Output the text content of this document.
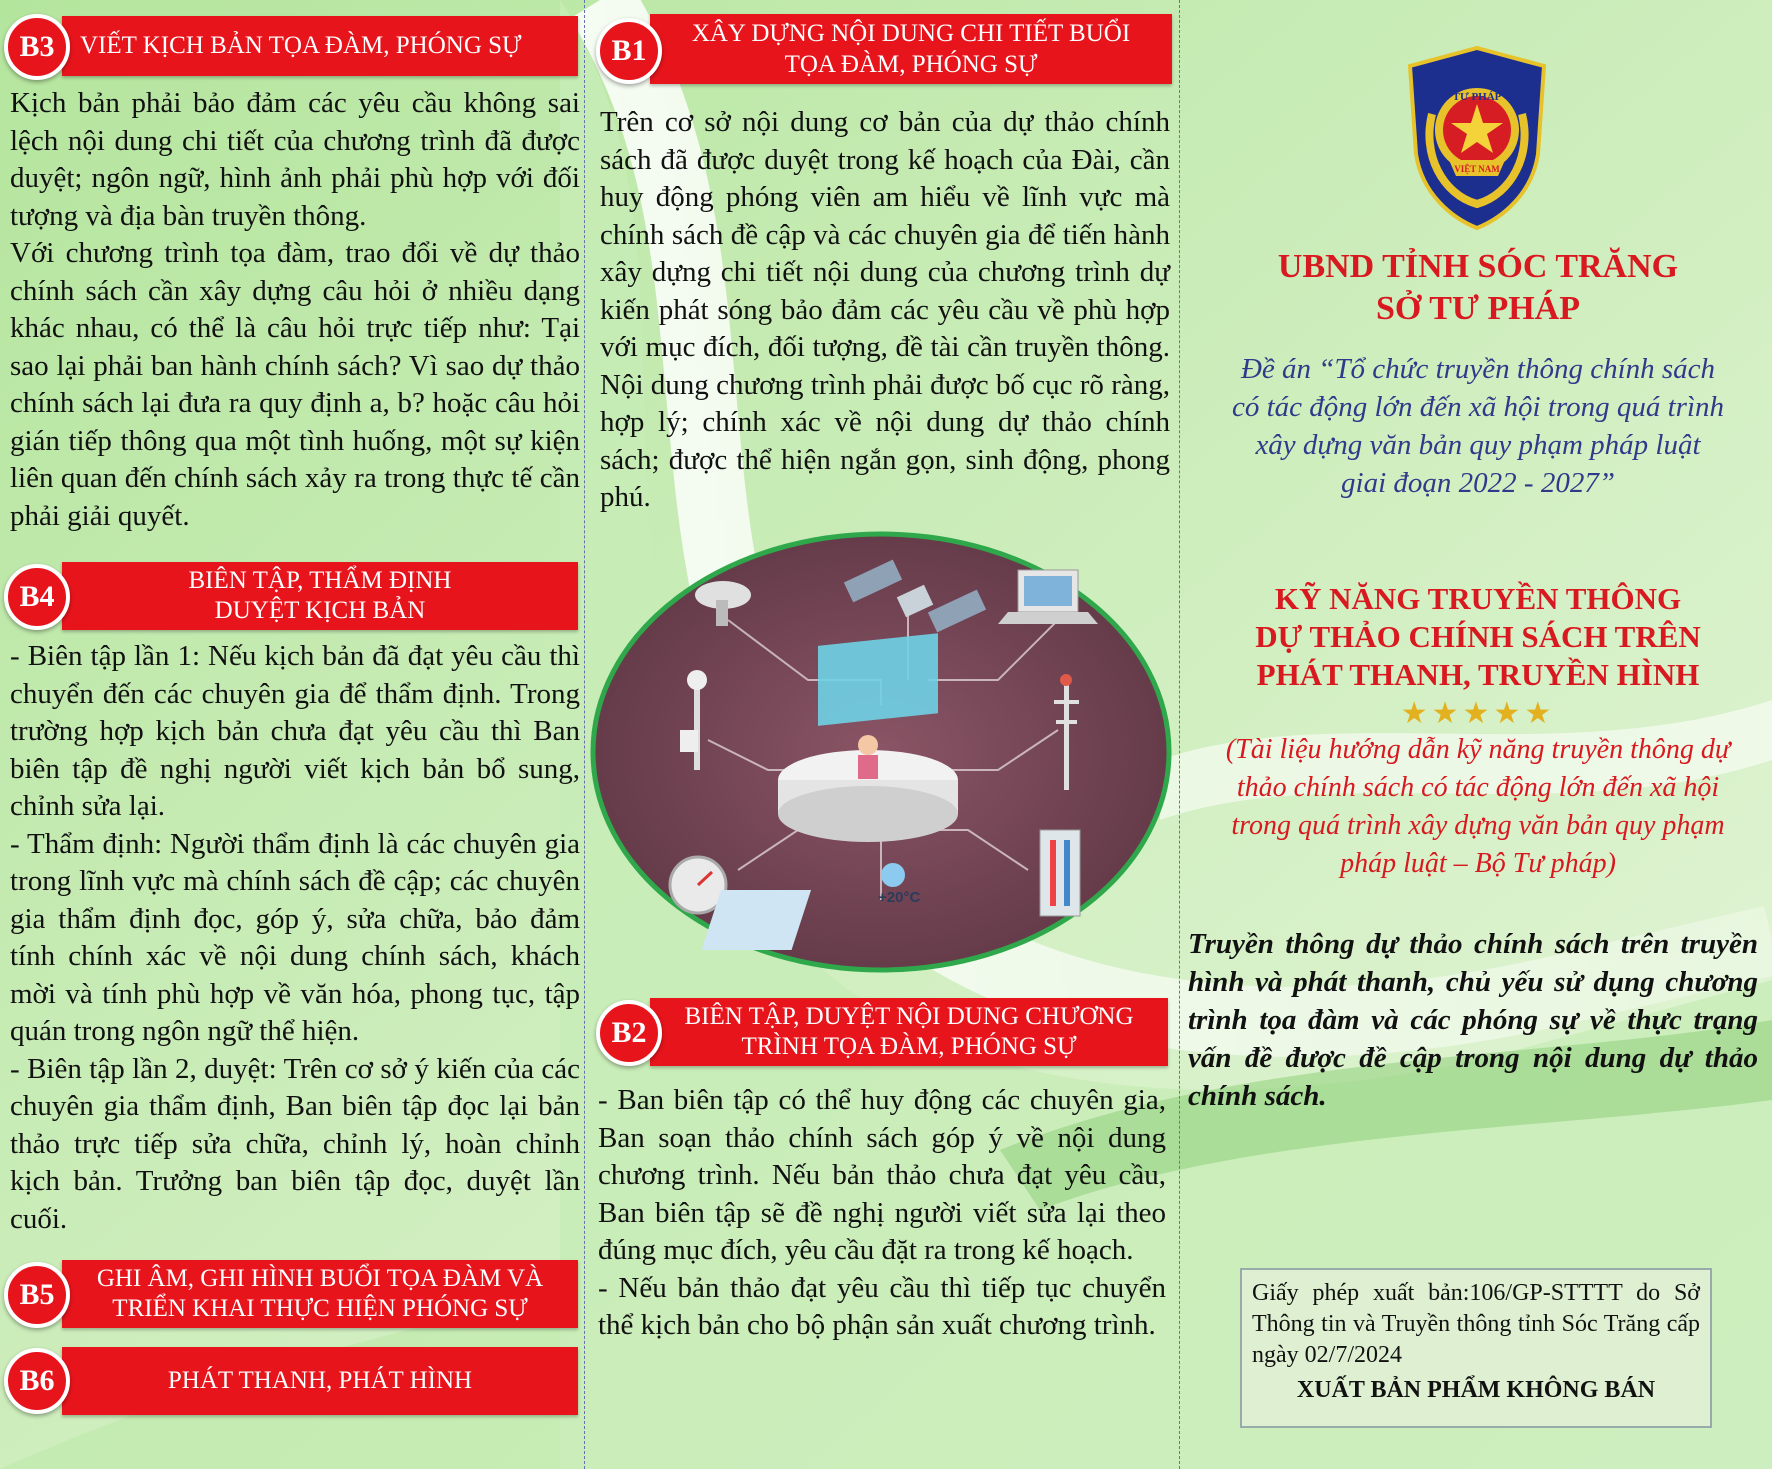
VIẾT KỊCH BẢN TỌA ĐÀM, PHÓNG SỰ
B3

Kịch bản phải bảo đảm các yêu cầu không sai lệch nội dung chi tiết của chương trình đã được duyệt; ngôn ngữ, hình ảnh phải phù hợp với đối tượng và địa bàn truyền thông.

Với chương trình tọa đàm, trao đổi về dự thảo chính sách cần xây dựng câu hỏi ở nhiều dạng khác nhau, có thể là câu hỏi trực tiếp như: Tại sao lại phải ban hành chính sách? Vì sao dự thảo chính sách lại đưa ra quy định a, b? hoặc câu hỏi gián tiếp thông qua một tình huống, một sự kiện liên quan đến chính sách xảy ra trong thực tế cần phải giải quyết.

BIÊN TẬP, THẨM ĐỊNH
DUYỆT KỊCH BẢN
B4

- Biên tập lần 1: Nếu kịch bản đã đạt yêu cầu thì chuyển đến các chuyên gia để thẩm định. Trong trường hợp kịch bản chưa đạt yêu cầu thì Ban biên tập đề nghị người viết kịch bản bổ sung, chỉnh sửa lại.

- Thẩm định: Người thẩm định là các chuyên gia trong lĩnh vực mà chính sách đề cập; các chuyên gia thẩm định đọc, góp ý, sửa chữa, bảo đảm tính chính xác về nội dung chính sách, khách mời và tính phù hợp về văn hóa, phong tục, tập quán trong ngôn ngữ thể hiện.

- Biên tập lần 2, duyệt: Trên cơ sở ý kiến của các chuyên gia thẩm định, Ban biên tập đọc lại bản thảo trực tiếp sửa chữa, chỉnh lý, hoàn chỉnh kịch bản. Trưởng ban biên tập đọc, duyệt lần cuối.

GHI ÂM, GHI HÌNH BUỔI TỌA ĐÀM VÀ
TRIỂN KHAI THỰC HIỆN PHÓNG SỰ
B5
PHÁT THANH, PHÁT HÌNH
B6
XÂY DỰNG NỘI DUNG CHI TIẾT BUỔI
TỌA ĐÀM, PHÓNG SỰ
B1

Trên cơ sở nội dung cơ bản của dự thảo chính sách đã được duyệt trong kế hoạch của Đài, cần huy động phóng viên am hiểu về lĩnh vực mà chính sách đề cập và các chuyên gia để tiến hành xây dựng chi tiết nội dung của chương trình dự kiến phát sóng bảo đảm các yêu cầu về phù hợp với mục đích, đối tượng, đề tài cần truyền thông. Nội dung chương trình phải được bố cục rõ ràng, hợp lý; chính xác về nội dung dự thảo chính sách; được thể hiện ngắn gọn, sinh động, phong phú.

+20°C
BIÊN TẬP, DUYỆT NỘI DUNG CHƯƠNG
TRÌNH TỌA ĐÀM, PHÓNG SỰ
B2

- Ban biên tập có thể huy động các chuyên gia, Ban soạn thảo chính sách góp ý về nội dung chương trình. Nếu bản thảo chưa đạt yêu cầu, Ban biên tập sẽ đề nghị người viết sửa lại theo đúng mục đích, yêu cầu đặt ra trong kế hoạch.

- Nếu bản thảo đạt yêu cầu thì tiếp tục chuyển thể kịch bản cho bộ phận sản xuất chương trình.

TƯ PHÁP
VIỆT NAM
UBND TỈNH SÓC TRĂNG
SỞ TƯ PHÁP
Đề án “Tổ chức truyền thông chính sách
có tác động lớn đến xã hội trong quá trình
xây dựng văn bản quy phạm pháp luật
giai đoạn 2022 - 2027”
KỸ NĂNG TRUYỀN THÔNG
DỰ THẢO CHÍNH SÁCH TRÊN
PHÁT THANH, TRUYỀN HÌNH
★★★★★
(Tài liệu hướng dẫn kỹ năng truyền thông dự
thảo chính sách có tác động lớn đến xã hội
trong quá trình xây dựng văn bản quy phạm
pháp luật – Bộ Tư pháp)
Truyền thông dự thảo chính sách trên truyền hình và phát thanh, chủ yếu sử dụng chương trình tọa đàm và các phóng sự về thực trạng vấn đề được đề cập trong nội dung dự thảo chính sách.
Giấy phép xuất bản:106/GP-STTTT do Sở Thông tin và Truyền thông tỉnh Sóc Trăng cấp ngày 02/7/2024
XUẤT BẢN PHẨM KHÔNG BÁN
